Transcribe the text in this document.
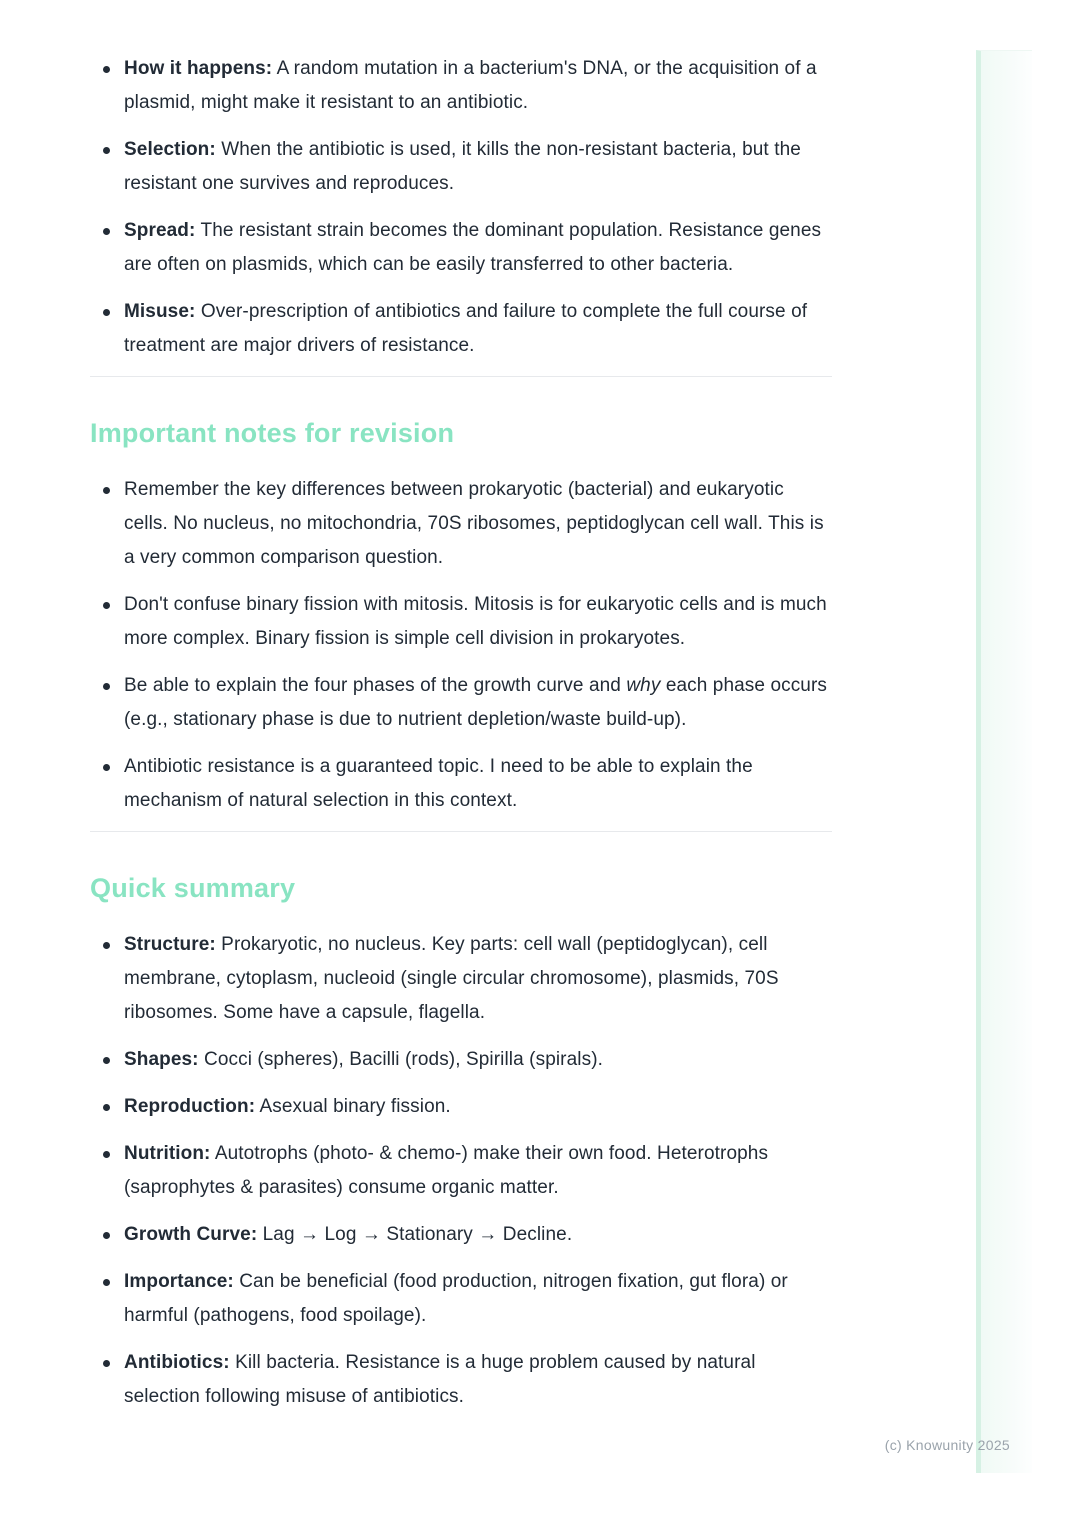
How it happens: A random mutation in a bacterium's DNA, or the acquisition of a plasmid, might make it resistant to an antibiotic.
Selection: When the antibiotic is used, it kills the non-resistant bacteria, but the resistant one survives and reproduces.
Spread: The resistant strain becomes the dominant population. Resistance genes are often on plasmids, which can be easily transferred to other bacteria.
Misuse: Over-prescription of antibiotics and failure to complete the full course of treatment are major drivers of resistance.
Important notes for revision
Remember the key differences between prokaryotic (bacterial) and eukaryotic cells. No nucleus, no mitochondria, 70S ribosomes, peptidoglycan cell wall. This is a very common comparison question.
Don't confuse binary fission with mitosis. Mitosis is for eukaryotic cells and is much more complex. Binary fission is simple cell division in prokaryotes.
Be able to explain the four phases of the growth curve and why each phase occurs (e.g., stationary phase is due to nutrient depletion/waste build-up).
Antibiotic resistance is a guaranteed topic. I need to be able to explain the mechanism of natural selection in this context.
Quick summary
Structure: Prokaryotic, no nucleus. Key parts: cell wall (peptidoglycan), cell membrane, cytoplasm, nucleoid (single circular chromosome), plasmids, 70S ribosomes. Some have a capsule, flagella.
Shapes: Cocci (spheres), Bacilli (rods), Spirilla (spirals).
Reproduction: Asexual binary fission.
Nutrition: Autotrophs (photo- & chemo-) make their own food. Heterotrophs (saprophytes & parasites) consume organic matter.
Growth Curve: Lag → Log → Stationary → Decline.
Importance: Can be beneficial (food production, nitrogen fixation, gut flora) or harmful (pathogens, food spoilage).
Antibiotics: Kill bacteria. Resistance is a huge problem caused by natural selection following misuse of antibiotics.
(c) Knowunity 2025
